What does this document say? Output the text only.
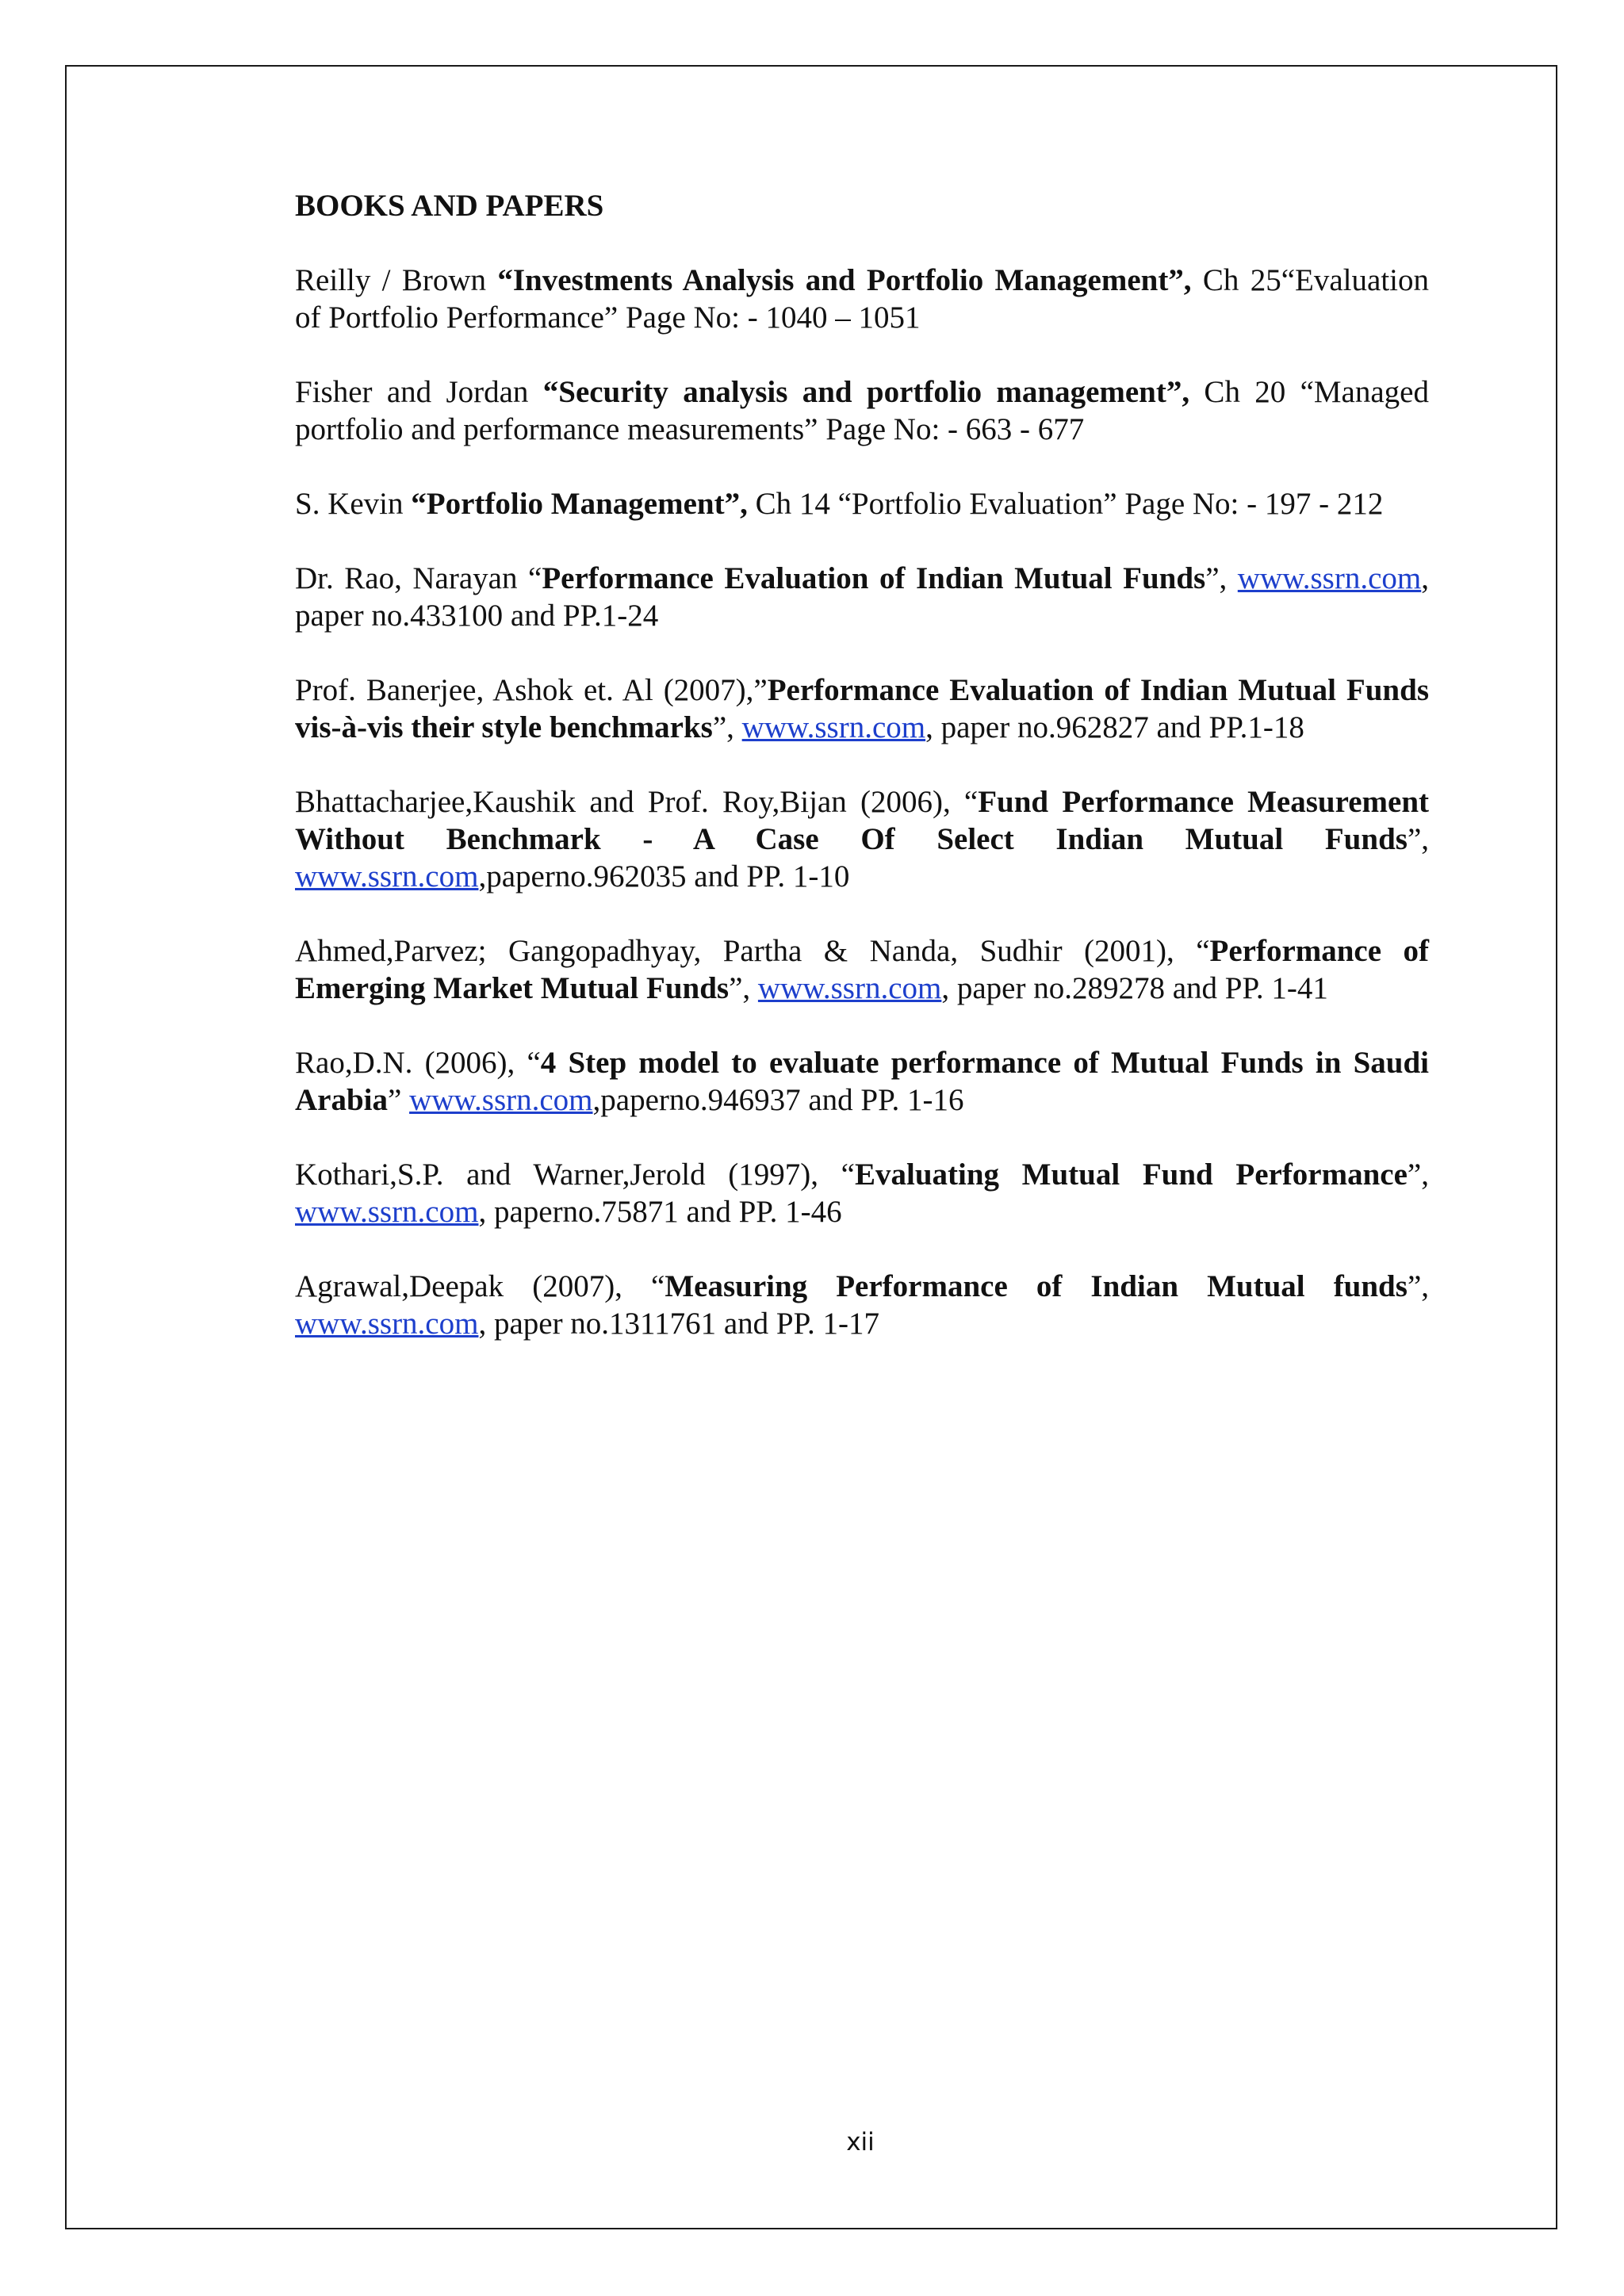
BOOKS AND PAPERS

Reilly / Brown “Investments Analysis and Portfolio Management”, Ch 25“Evaluation of Portfolio Performance” Page No: - 1040 – 1051

Fisher and Jordan “Security analysis and portfolio management”, Ch 20 “Managed portfolio and performance measurements” Page No: - 663 - 677

S. Kevin “Portfolio Management”, Ch 14 “Portfolio Evaluation” Page No: - 197 - 212

Dr. Rao, Narayan “Performance Evaluation of Indian Mutual Funds”, www.ssrn.com, paper no.433100 and PP.1-24

Prof. Banerjee, Ashok et. Al (2007),”Performance Evaluation of Indian Mutual Funds vis-à-vis their style benchmarks”, www.ssrn.com, paper no.962827 and PP.1-18

Bhattacharjee,Kaushik and Prof. Roy,Bijan (2006), “Fund Performance Measurement Without Benchmark - A Case Of Select Indian Mutual Funds”, www.ssrn.com,paperno.962035 and PP. 1-10

Ahmed,Parvez; Gangopadhyay, Partha & Nanda, Sudhir (2001), “Performance of Emerging Market Mutual Funds”, www.ssrn.com, paper no.289278 and PP. 1-41

Rao,D.N. (2006), “4 Step model to evaluate performance of Mutual Funds in Saudi Arabia” www.ssrn.com,paperno.946937 and PP. 1-16

Kothari,S.P. and Warner,Jerold (1997), “Evaluating Mutual Fund Performance”, www.ssrn.com, paperno.75871 and PP. 1-46

Agrawal,Deepak (2007), “Measuring Performance of Indian Mutual funds”, www.ssrn.com, paper no.1311761 and PP. 1-17

xii
